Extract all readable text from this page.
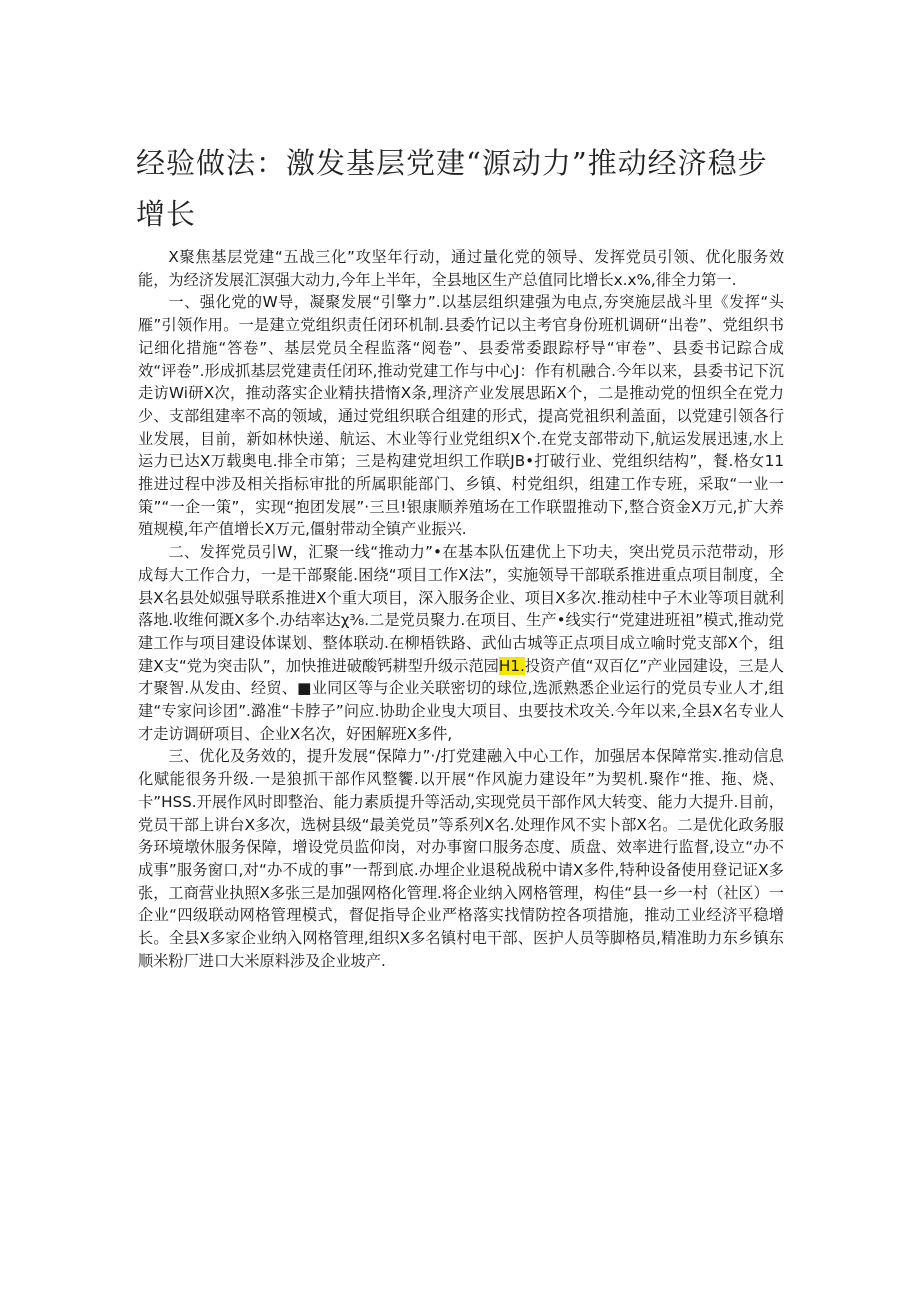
经验做法：激发基层党建“源动力”推动经济稳步增长

X聚焦基层党建“五战三化”攻坚年行动，通过量化党的领导、发挥党员引领、优化服务效能，为经济发展汇溟强大动力,今年上半年，全县地区生产总值同比增长x.x%,徘全力第一.

一、强化党的W导，凝聚发展“引擎力”.以基层组织建强为电点,夯突施层战斗里《发挥“头雁”引领作用。一是建立党组织责任闭环机制.县委竹记以主考官身份班机调研“出卷”、党组织书记细化措施“答卷”、基层党员全程监落“阅卷”、县委常委跟踪杼导“审卷”、县委书记踪合成效“评卷”.形成抓基层党建责任闭环,推动党建工作与中心J：作有机融合.今年以来，县委书记下沉走访Wi研X次，推动落实企业精扶措惰X条,理济产业发展思跖X个，二是推动党的忸织全在党力少、支部组建率不高的领域，通过党组织联合组建的形式，提高党祖织利盖面，以党建引领各行业发展，目前，新如林快递、航运、木业等行业党组织X个.在党支部带动下,航运发展迅速,水上运力已达X万载奥电.排全市第；三是构建党坦织工作联JB•打破行业、党组织结构”，餐.格女11推进过程中涉及相关指标审批的所属职能部门、乡镇、村党组织，组建工作专班，采取“一业一策”“一企一策”，实现“抱团发展”·三旦!银康顺养殖场在工作联盟推动下,整合资金X万元,扩大养殖规模,年产值增长X万元,僵射带动全镇产业振兴.

二、发挥党员引W，汇聚一线“推动力”•在基本队伍建优上下功夫，突出党员示范带动，形成每大工作合力，一是干部聚能.困绕“项目工作X法”，实施领导干部联系推进重点项目制度，全县X名县处姒强导联系推进X个重大项目，深入服务企业、项目X多次.推动桂中子木业等项目就利落地.收维何溉X多个.办结率达χ⅜.二是党员聚力.在项目、生产•线实行“党建进班祖”模式,推动党建工作与项目建设体谋划、整体联动.在柳梧铁路、武仙古城等正点项目成立喻时党支部X个，组建X支“党为突击队”，加快推进破酸钙耕型升级示范园H1.投资产值“双百亿”产业园建设，三是人才聚智.从发由、经贸、■业同区等与企业关联密切的球位,选派熟悉企业运行的党员专业人才,组建“专家问诊团”.潞准“卡脖子”问应.协助企业曳大项目、虫要技术攻关.今年以来,全县X名专业人才走访调研项目、企业X名次，好困解班X多件,

三、优化及务效的，提升发展“保障力”·/打党建融入中心工作，加强居本保障常实.推动信息化赋能很务升级.一是狼抓干部作风整饗.以开展“作风旎力建设年”为契机.聚作“推、拖、烧、卡”HSS.开展作风时即整治、能力素质提升等活动,实现党员干部作风大转变、能力大提升.目前，党员干部上讲台X多次，选树县级“最美党员”等系列X名.处理作风不实卜部X名。二是优化政务服务环境墩休服务保障，增设党员监仰岗，对办事窗口服务态度、质盘、效率进行监督,设立“办不成事”服务窗口,对“办不成的事”一帮到底.办埋企业退税战税中请X多件,特种设备使用登记证X多张，工商营业执照X多张三是加强网格化管理.将企业纳入网格管理，构佳“县一乡一村（社区）一企业“四级联动网格管理模式，督促指导企业严格落实找情防控各项措施，推动工业经济平稳增长。全县X多家企业纳入网格管理,组织X多名镇村电干部、医护人员等脚格员,精准助力东乡镇东顺米粉厂进口大米原料涉及企业坡产.
